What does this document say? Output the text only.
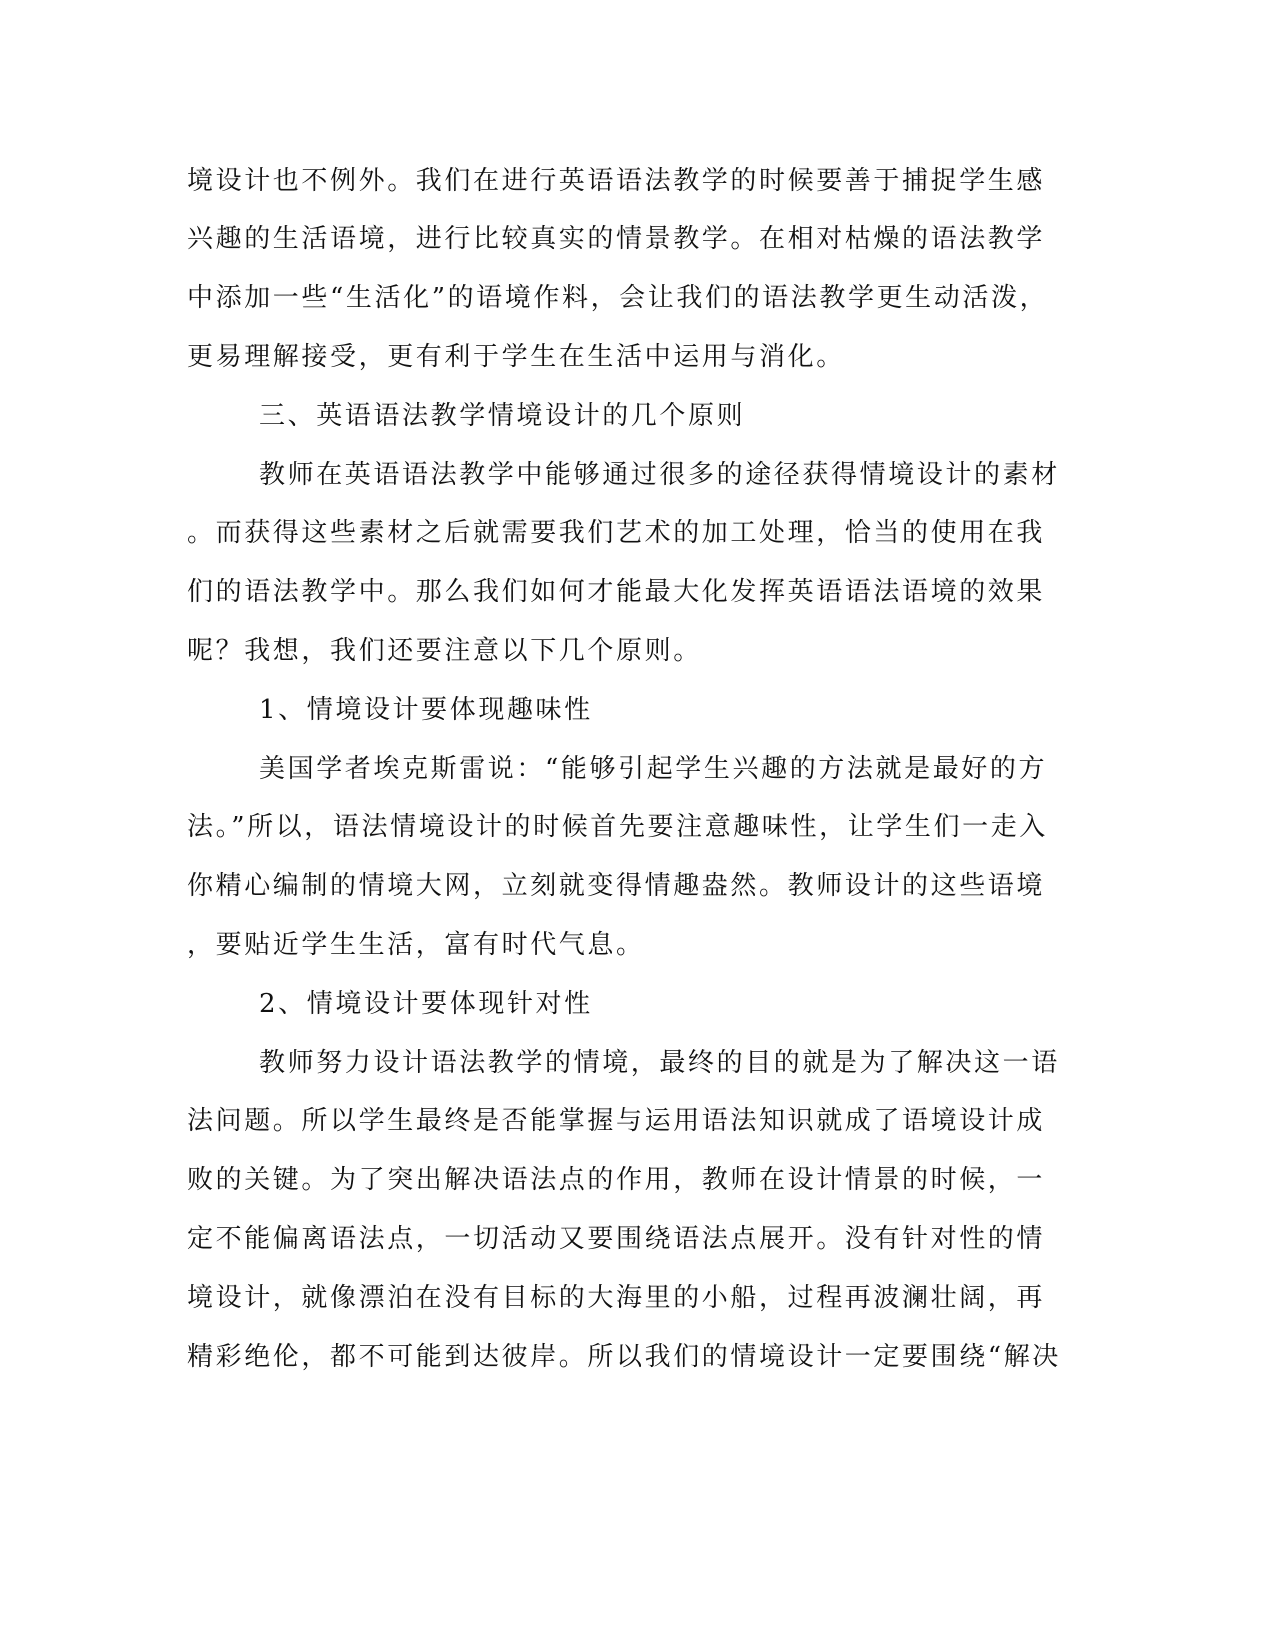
境设计也不例外。我们在进行英语语法教学的时候要善于捕捉学生感
兴趣的生活语境，进行比较真实的情景教学。在相对枯燥的语法教学
中添加一些“生活化”的语境作料，会让我们的语法教学更生动活泼，
更易理解接受，更有利于学生在生活中运用与消化。
三、英语语法教学情境设计的几个原则
教师在英语语法教学中能够通过很多的途径获得情境设计的素材
。而获得这些素材之后就需要我们艺术的加工处理，恰当的使用在我
们的语法教学中。那么我们如何才能最大化发挥英语语法语境的效果
呢？我想，我们还要注意以下几个原则。
1、情境设计要体现趣味性
美国学者埃克斯雷说：“能够引起学生兴趣的方法就是最好的方
法。”所以，语法情境设计的时候首先要注意趣味性，让学生们一走入
你精心编制的情境大网，立刻就变得情趣盎然。教师设计的这些语境
，要贴近学生生活，富有时代气息。
2、情境设计要体现针对性
教师努力设计语法教学的情境，最终的目的就是为了解决这一语
法问题。所以学生最终是否能掌握与运用语法知识就成了语境设计成
败的关键。为了突出解决语法点的作用，教师在设计情景的时候，一
定不能偏离语法点，一切活动又要围绕语法点展开。没有针对性的情
境设计，就像漂泊在没有目标的大海里的小船，过程再波澜壮阔，再
精彩绝伦，都不可能到达彼岸。所以我们的情境设计一定要围绕“解决
